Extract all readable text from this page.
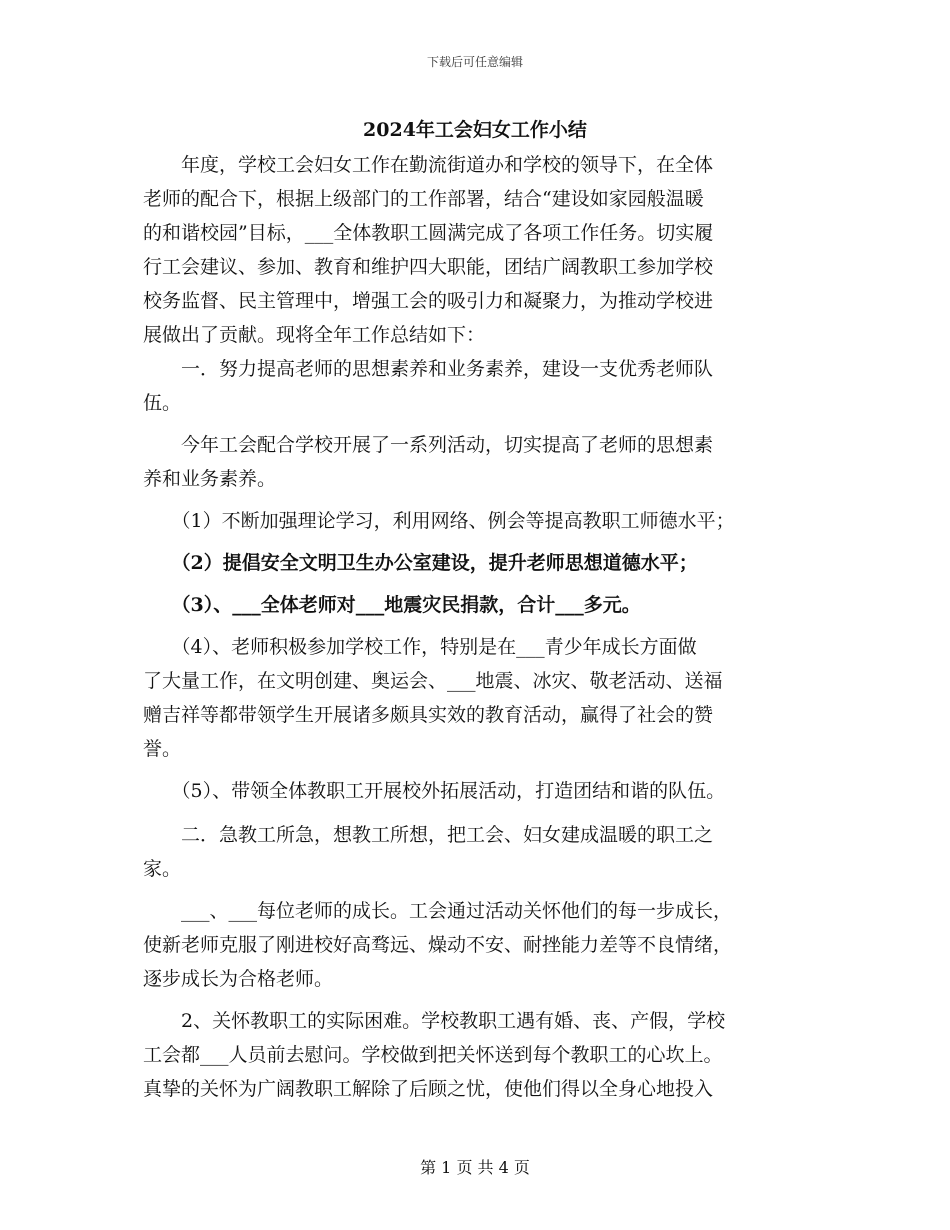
下载后可任意编辑
2024年工会妇女工作小结
　　年度，学校工会妇女工作在勤流街道办和学校的领导下，在全体
老师的配合下，根据上级部门的工作部署，结合“建设如家园般温暖
的和谐校园”目标，___全体教职工圆满完成了各项工作任务。切实履
行工会建议、参加、教育和维护四大职能，团结广阔教职工参加学校
校务监督、民主管理中，增强工会的吸引力和凝聚力，为推动学校进
展做出了贡献。现将全年工作总结如下：
　　一．努力提高老师的思想素养和业务素养，建设一支优秀老师队
伍。
　　今年工会配合学校开展了一系列活动，切实提高了老师的思想素
养和业务素养。
　　（1）不断加强理论学习，利用网络、例会等提高教职工师德水平；
　　（2）提倡安全文明卫生办公室建设，提升老师思想道德水平；
　　（3）、___全体老师对___地震灾民捐款，合计___多元。
　　（4）、老师积极参加学校工作，特别是在___青少年成长方面做
了大量工作，在文明创建、奥运会、___地震、冰灾、敬老活动、送福
赠吉祥等都带领学生开展诸多颇具实效的教育活动，赢得了社会的赞
誉。
　　（5）、带领全体教职工开展校外拓展活动，打造团结和谐的队伍。
　　二．急教工所急，想教工所想，把工会、妇女建成温暖的职工之
家。
　　___、___每位老师的成长。工会通过活动关怀他们的每一步成长，
使新老师克服了刚进校好高骛远、燥动不安、耐挫能力差等不良情绪，
逐步成长为合格老师。
　　2、关怀教职工的实际困难。学校教职工遇有婚、丧、产假，学校
工会都___人员前去慰问。学校做到把关怀送到每个教职工的心坎上。
真挚的关怀为广阔教职工解除了后顾之忧，使他们得以全身心地投入
第 1 页 共 4 页
